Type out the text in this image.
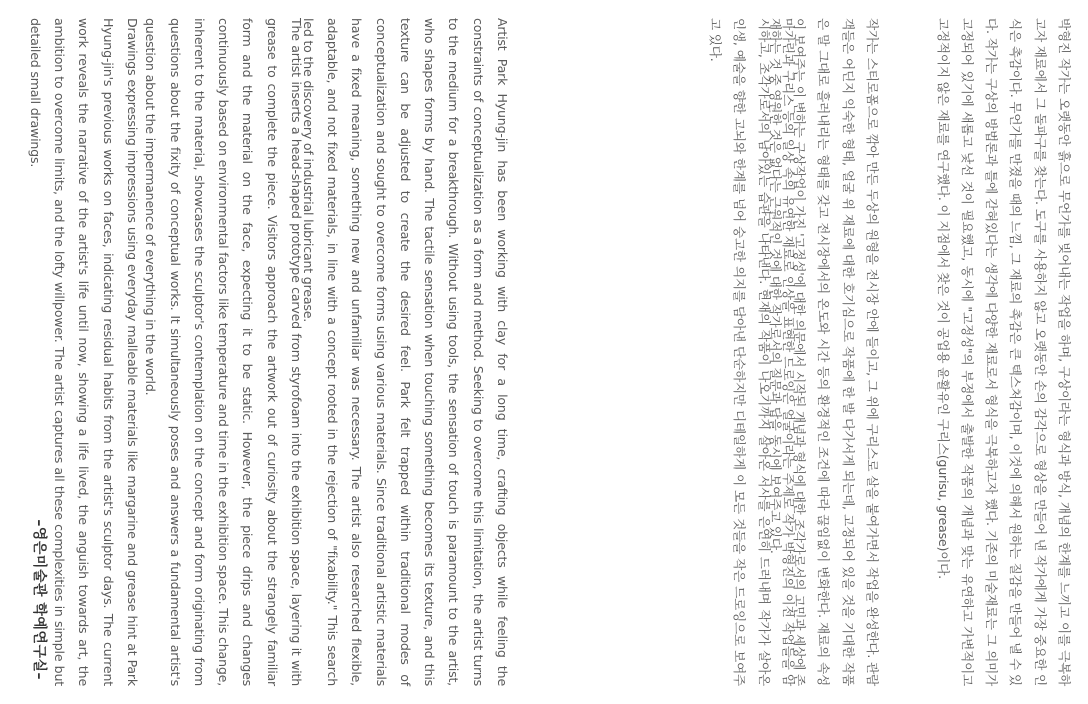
박형진 작가는 오랫동안 흙으로 무언가를 빚어내는 작업을 하며, 구상이라는 형식과 방식, 개념의 한계를 느끼고 이를 극복하고자 재료에서 그 돌파구를 찾는다. 도구를 사용하지 않고 오랫동안 손의 감각으로 형상을 만들어 낸 작가에게 가장 중요한 인식은 촉감이다. 무언가를 만졌을 때의 느낌, 그 재료의 촉감은 큰 텍스처감이며, 이것에 의해서 원하는 질감을 만들어 낼 수 있다. 작가는 구상의 방법론과 틀에 갇혀있다는 생각에 다양한 재료로서 형식을 극복하고자 했다. 기존의 미술재료는 그 의미가 고정되어 있기에 새롭고 낯선 것이 필요했고, 동시에 "고정성"의 부정에서 출발한 작품의 개념과 맞는 유연하고 가변적이고 고정적이지 않은 재료를 연구했다. 이 지점에서 찾은 것이 공업용 윤활유인 구리스(gurisu, grease)이다.

작가는 스티로폼으로 깎아 만든 두상의 원형을 전시장 안에 들이고, 그 위에 구리스로 살을 붙여가면서 작업을 완성한다. 관람객들은 어딘지 익숙한 형태, 얼굴 위 재료에 대한 호기심으로 작품에 한 발 다가서게 되는데, 고정되어 있을 것을 기대한 작품은 말 그대로 흘러내리는 형태를 갖고 전시장에서의 온도와 시간 등의 환경적인 조건에 따라 끊임없이 변화한다. 재료의 속성이 보여주는 이 변하는 구상작업이 가진 '고정성'에 대한 의문에서 시작된 개념과 형식에 대한 조각가로서의 고민과 세상에 존재하는 것 중 영원한 것은 없다는 근원적인 것에 대한 작가로서의 질문과 답을 동시에 보여주고 있다.

마가린과 구리스 등의 일상 속의 유연한 재료로 인상을 표현한 드로잉은 얼굴이라는 주제로 작가 박형진의 이전 작업들을 암시하고, 조각가로서의 남아있는 습관을 나타낸다. 현재의 작품이 나오기까지 살아온 서사를 은연히 드러내며 작가가 살아온 인생, 예술을 향한 고뇌와 한계를 넘어 숭고한 의지를 담아낸 단순하지만 디테일하게 이 모든 것들을 작은 드로잉으로 보여주고 있다.

Artist Park Hyung-jin has been working with clay for a long time, crafting objects while feeling the constraints of conceptualization as a form and method. Seeking to overcome this limitation, the artist turns to the medium for a breakthrough. Without using tools, the sensation of touch is paramount to the artist, who shapes forms by hand. The tactile sensation when touching something becomes its texture, and this texture can be adjusted to create the desired feel. Park felt trapped within traditional modes of conceptualization and sought to overcome forms using various materials. Since traditional artistic materials have a fixed meaning, something new and unfamiliar was necessary. The artist also researched flexible, adaptable, and not fixed materials, in line with a concept rooted in the rejection of "fixability." This search led to the discovery of industrial lubricant grease.

The artist inserts a head-shaped prototype carved from styrofoam into the exhibition space, layering it with grease to complete the piece. Visitors approach the artwork out of curiosity about the strangely familiar form and the material on the face, expecting it to be static. However, the piece drips and changes continuously based on environmental factors like temperature and time in the exhibition space. This change, inherent to the material, showcases the sculptor's contemplation on the concept and form originating from questions about the fixity of conceptual works. It simultaneously poses and answers a fundamental artist's question about the impermanence of everything in the world.

Drawings expressing impressions using everyday malleable materials like margarine and grease hint at Park Hyung-jin's previous works on faces, indicating residual habits from the artist's sculptor days. The current work reveals the narrative of the artist's life until now, showing a life lived, the anguish towards art, the ambition to overcome limits, and the lofty willpower. The artist captures all these complexities in simple but detailed small drawings.

–영은미술관 학예연구실–
